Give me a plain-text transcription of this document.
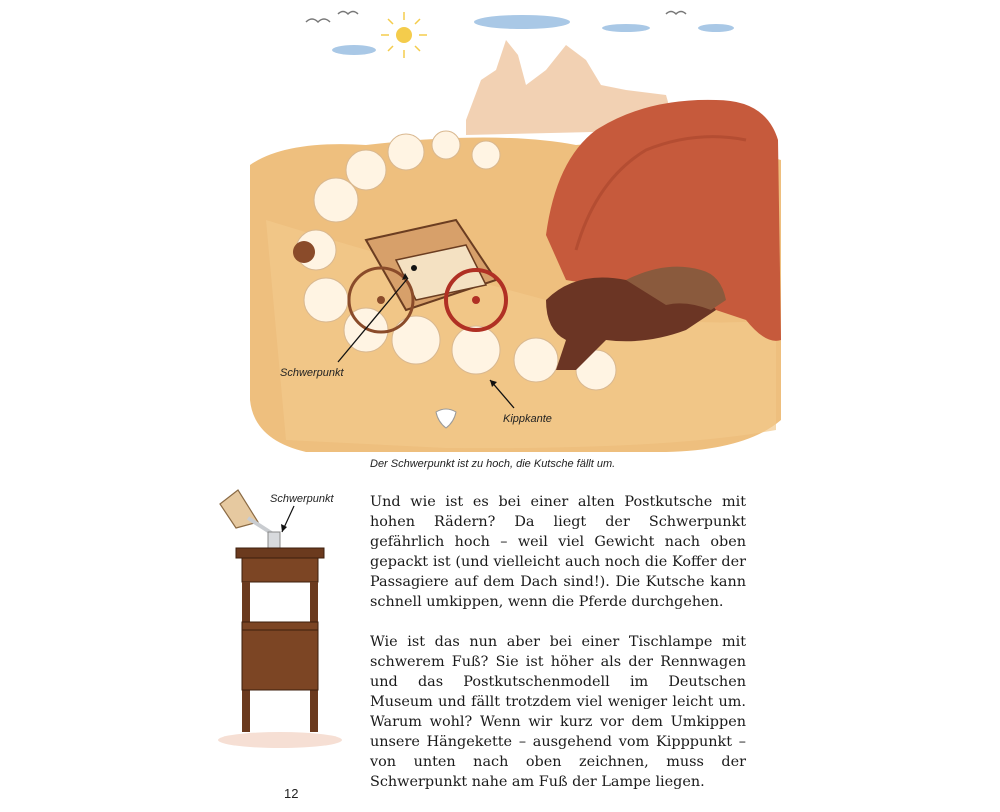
Schwerpunkt
Kippkante
Der Schwerpunkt ist zu hoch, die Kutsche fällt um.
Schwerpunkt	Und wie ist es bei einer alten Postkutsche mit hohen Rädern? Da liegt der Schwerpunkt gefährlich hoch – weil viel Gewicht nach oben gepackt ist (und vielleicht auch noch die Koffer der Passagiere auf dem Dach sind!). Die Kutsche kann schnell umkippen, wenn die Pferde durchgehen.

Wie ist das nun aber bei einer Tischlampe mit schwerem Fuß? Sie ist höher als der Rennwagen und das Postkutschenmodell im Deutschen Museum und fällt trotzdem viel weniger leicht um. Warum wohl? Wenn wir kurz vor dem Umkippen unsere Hängekette – ausgehend vom Kipppunkt – von unten nach oben zeichnen, muss der Schwerpunkt nahe am Fuß der Lampe liegen.

12
